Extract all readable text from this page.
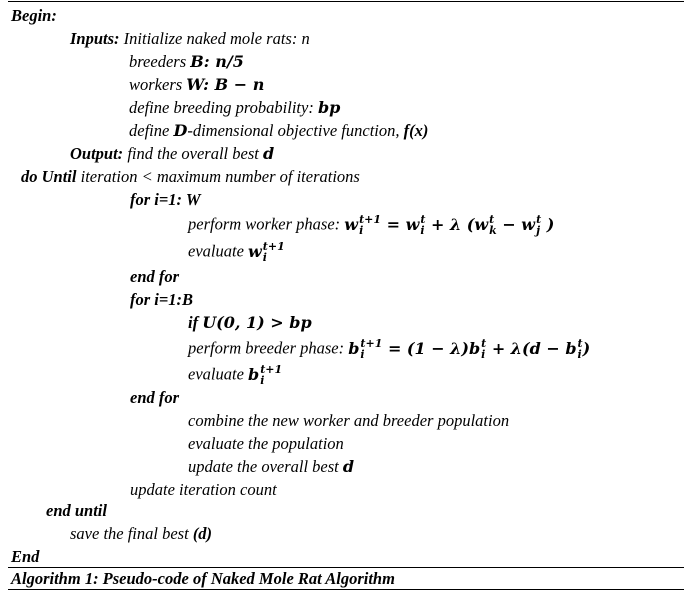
Begin:
Inputs: Initialize naked mole rats: n
breeders B: n/5
workers W: B − n
define breeding probability: bp
define D-dimensional objective function, f(x)
Output: find the overall best d
do Until iteration < maximum number of iterations
for i=1: W
perform worker phase: w t+1
i	= w t
i + λ (w t
k − w t
j )
evaluate w t+1
i
end for
for i=1:B
if U(0, 1) > bp
perform breeder phase: b t+1
i	= (1 − λ)b t
i + λ(d − b t
i )
evaluate b t+1
i
end for
combine the new worker and breeder population
evaluate the population
update the overall best d
update iteration count
end until
save the final best (d)
End
Algorithm 1: Pseudo-code of Naked Mole Rat Algorithm
